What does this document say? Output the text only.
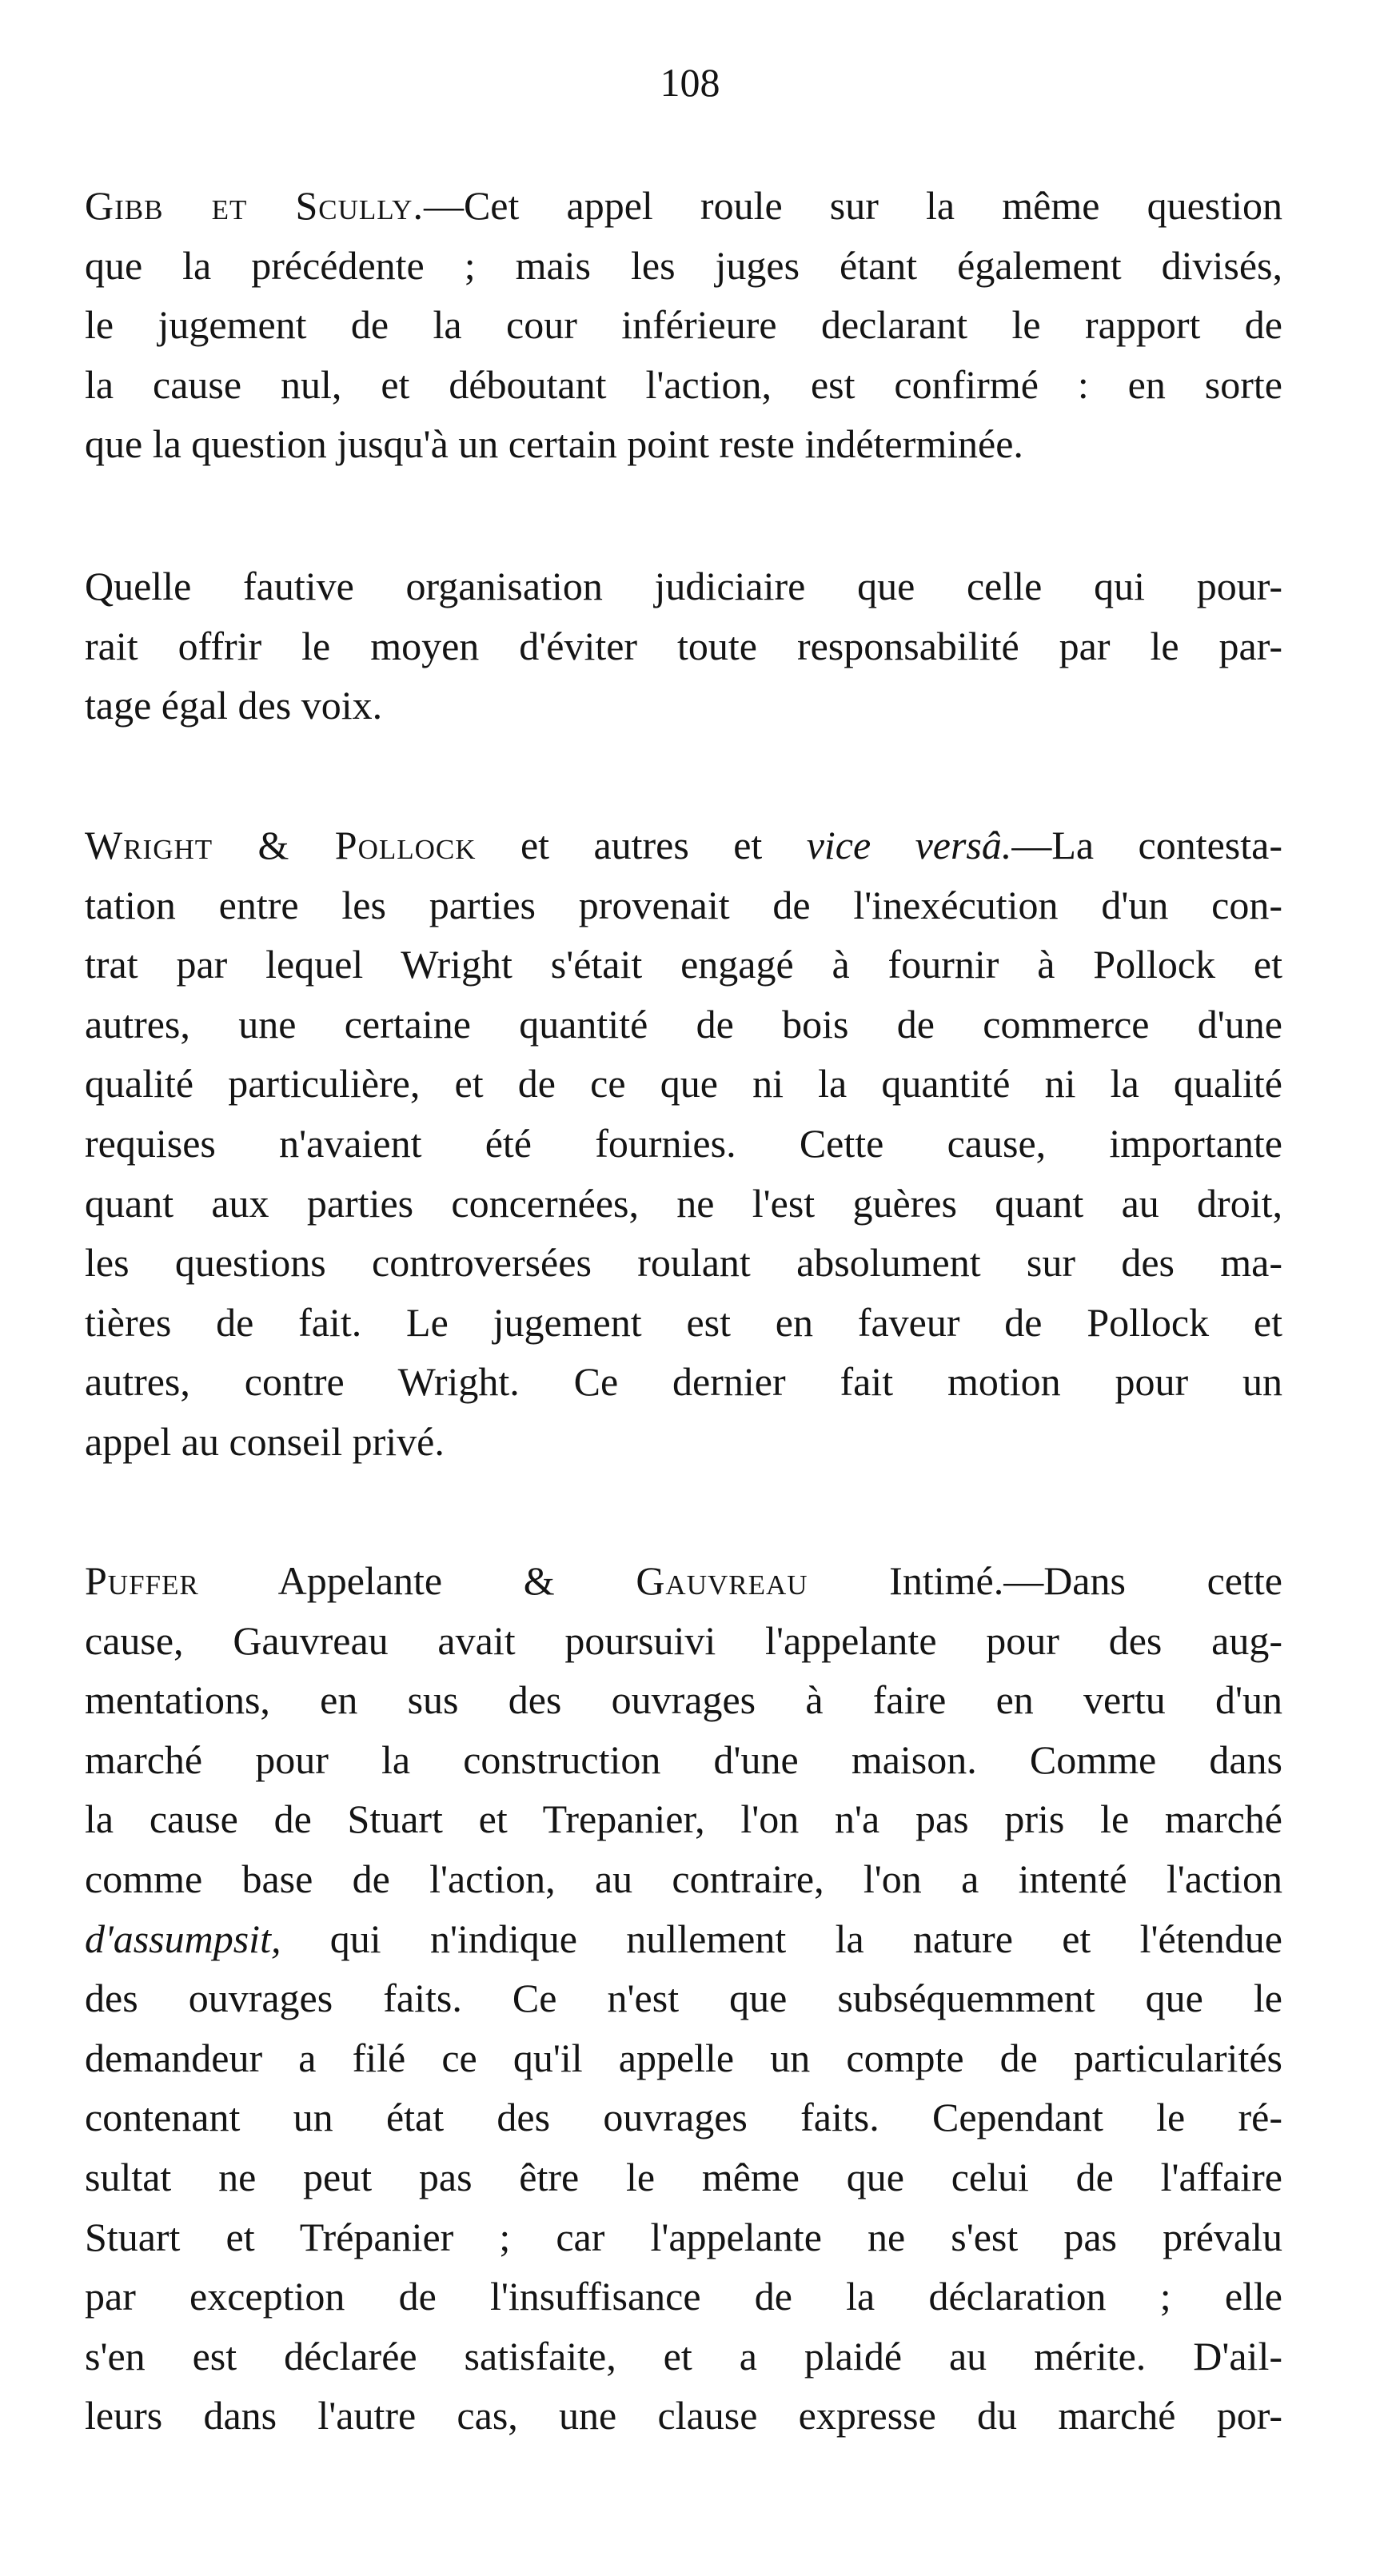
108
Gibb et Scully.—Cet appel roule sur la même question
que la précédente ; mais les juges étant également divisés,
le jugement de la cour inférieure declarant le rapport de
la cause nul, et déboutant l'action, est confirmé : en sorte
que la question jusqu'à un certain point reste indéterminée.
Quelle fautive organisation judiciaire que celle qui pour-
rait offrir le moyen d'éviter toute responsabilité par le par-
tage égal des voix.
Wright & Pollock et autres et vice versâ.—La contesta-
tation entre les parties provenait de l'inexécution d'un con-
trat par lequel Wright s'était engagé à fournir à Pollock et
autres, une certaine quantité de bois de commerce d'une
qualité particulière, et de ce que ni la quantité ni la qualité
requises n'avaient été fournies. Cette cause, importante
quant aux parties concernées, ne l'est guères quant au droit,
les questions controversées roulant absolument sur des ma-
tières de fait. Le jugement est en faveur de Pollock et
autres, contre Wright. Ce dernier fait motion pour un
appel au conseil privé.
Puffer Appelante & Gauvreau Intimé.—Dans cette
cause, Gauvreau avait poursuivi l'appelante pour des aug-
mentations, en sus des ouvrages à faire en vertu d'un
marché pour la construction d'une maison. Comme dans
la cause de Stuart et Trepanier, l'on n'a pas pris le marché
comme base de l'action, au contraire, l'on a intenté l'action
d'assumpsit, qui n'indique nullement la nature et l'étendue
des ouvrages faits. Ce n'est que subséquemment que le
demandeur a filé ce qu'il appelle un compte de particularités
contenant un état des ouvrages faits. Cependant le ré-
sultat ne peut pas être le même que celui de l'affaire
Stuart et Trépanier ; car l'appelante ne s'est pas prévalu
par exception de l'insuffisance de la déclaration ; elle
s'en est déclarée satisfaite, et a plaidé au mérite. D'ail-
leurs dans l'autre cas, une clause expresse du marché por-
